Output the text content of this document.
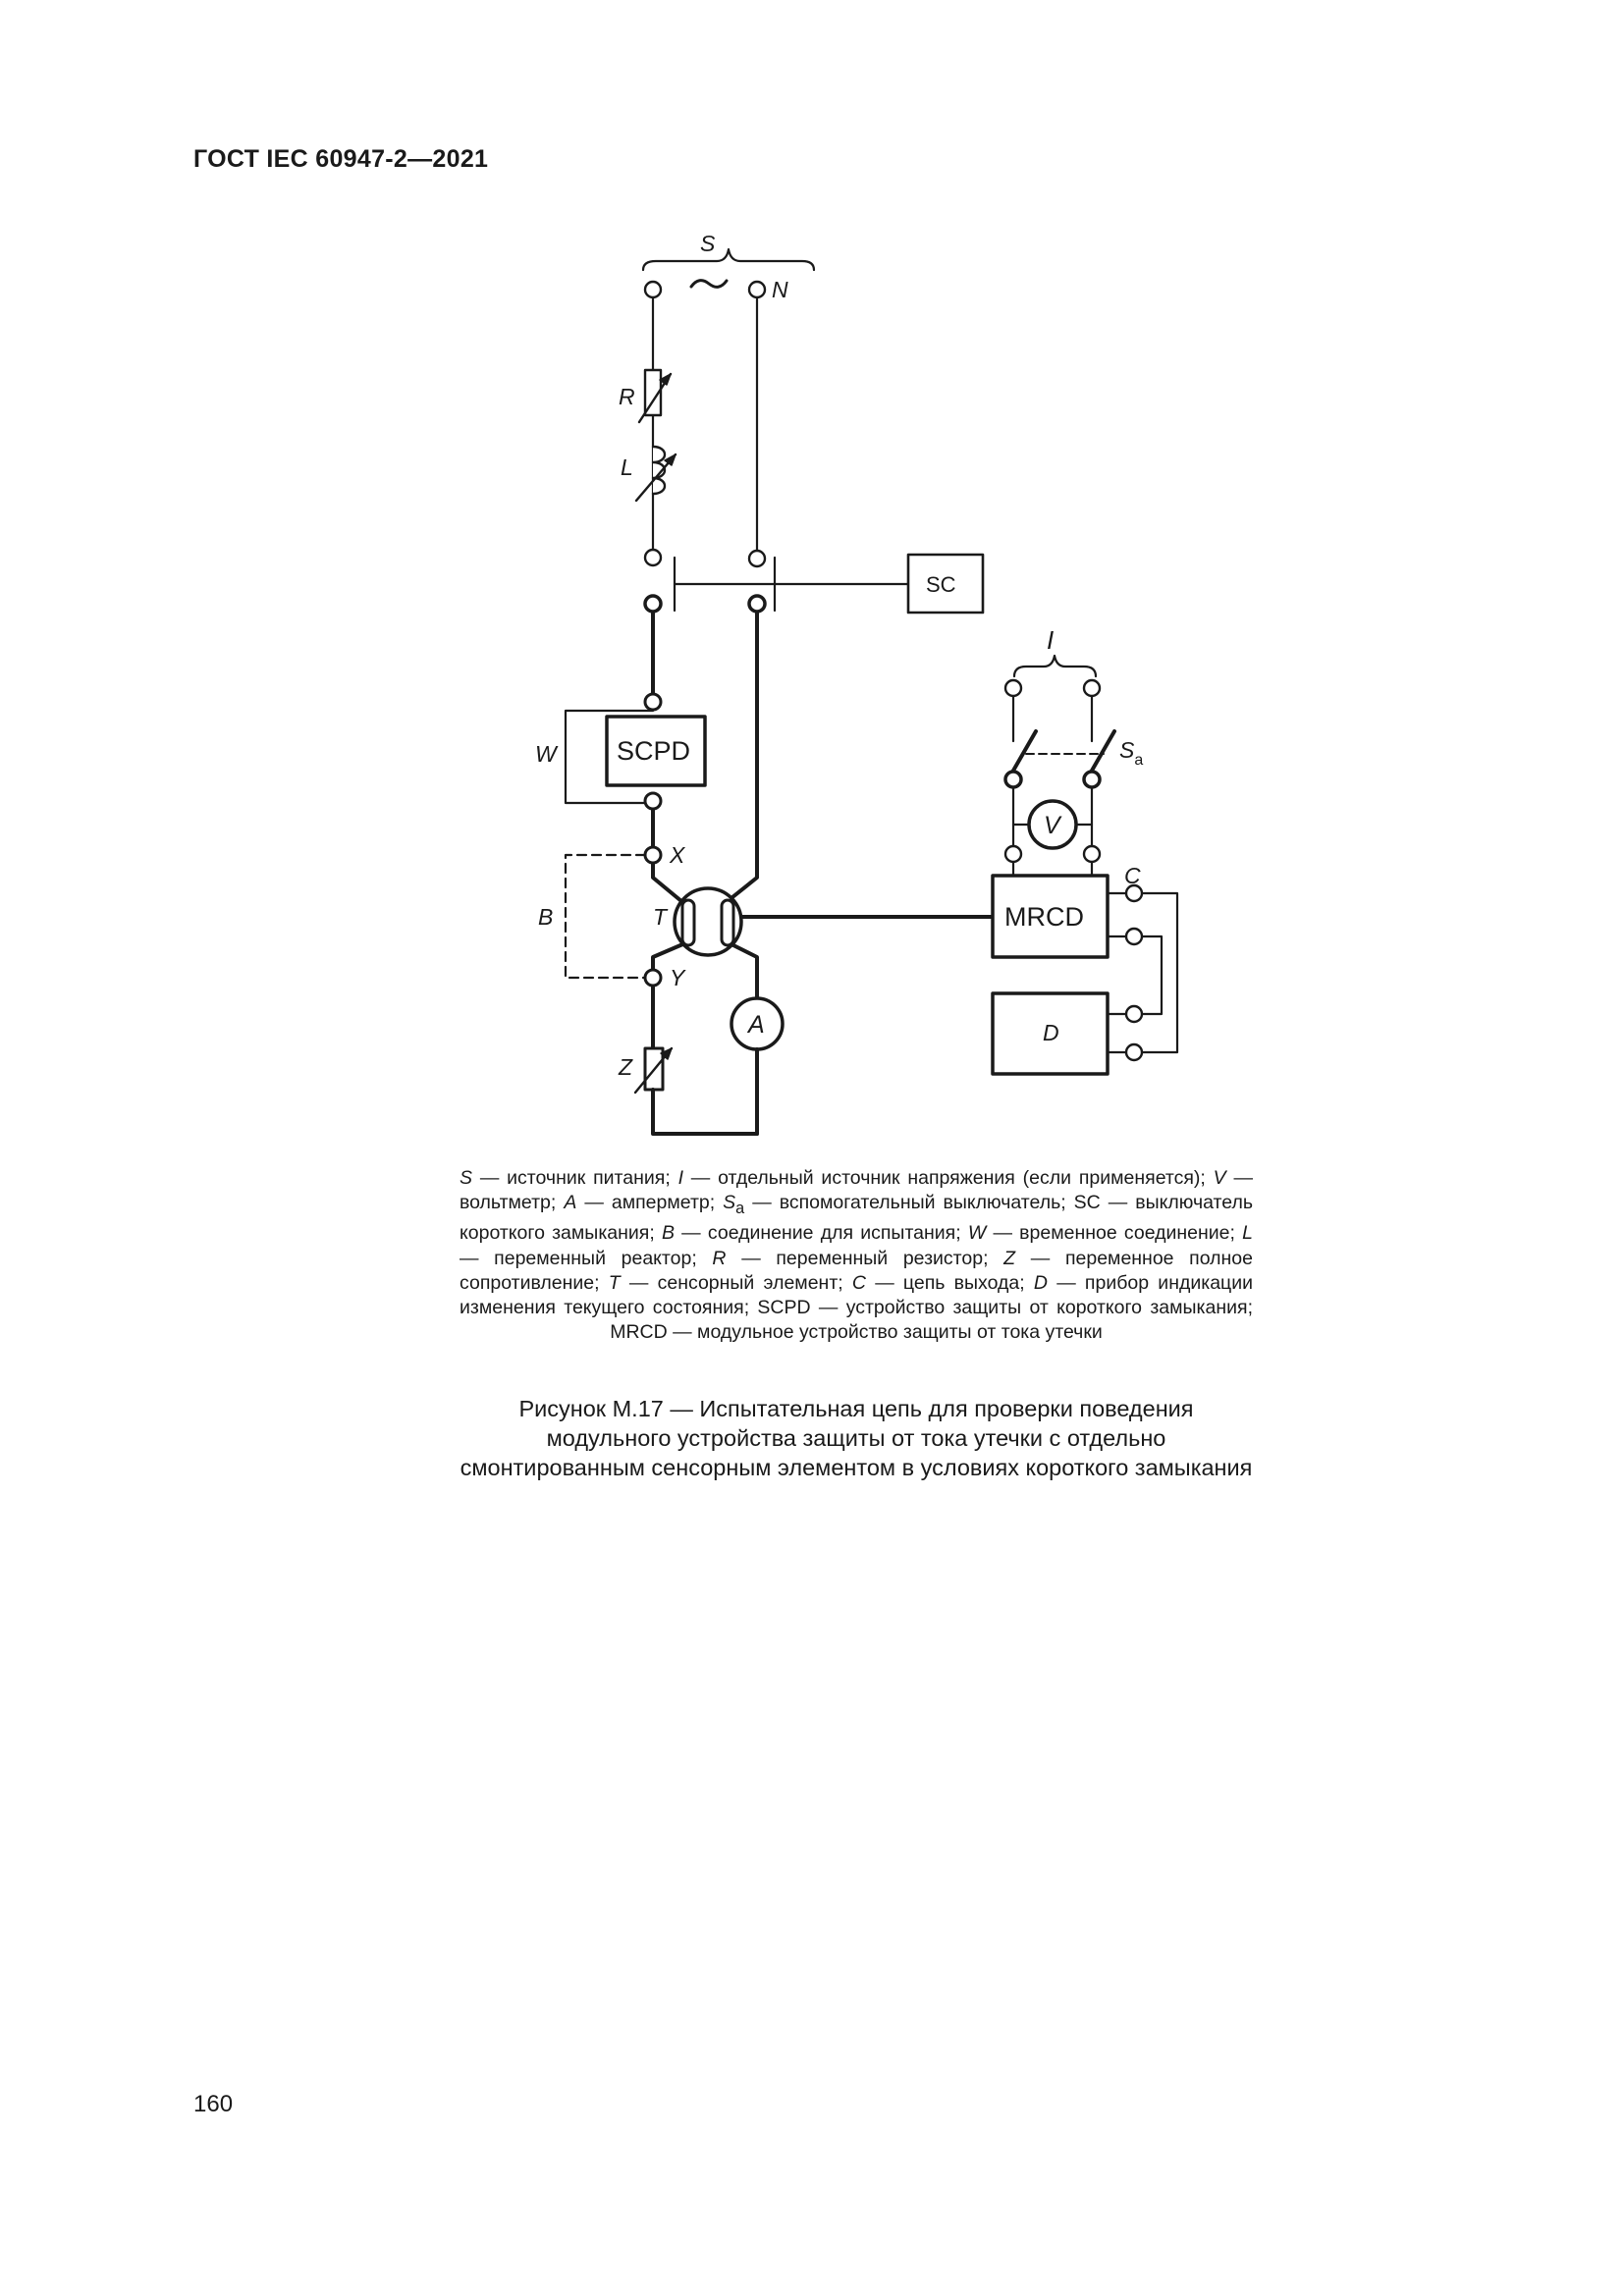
ГОСТ IEC 60947-2—2021
S
N
R
L
SC
I
$S_a$
W SCPD
V
C
X
B	T	MRCD
Y
A
Z
D
S — источник питания; I — отдельный источник напряжения (если применяется); V — вольтметр; A — амперметр; $S_a$ — вспомогательный выключатель; SC — выключатель короткого замыкания; B — соединение для испытания; W — временное соединение; L — переменный реактор; R — переменный резистор; Z — переменное полное сопротивление; T — сенсорный элемент; C — цепь выхода; D — прибор индикации изменения текущего состояния; SCPD — устройство защиты от короткого замыкания; MRCD — модульное устройство защиты от тока утечки
Рисунок М.17 — Испытательная цепь для проверки поведения модульного устройства защиты от тока утечки с отдельно смонтированным сенсорным элементом в условиях короткого замыкания
160
